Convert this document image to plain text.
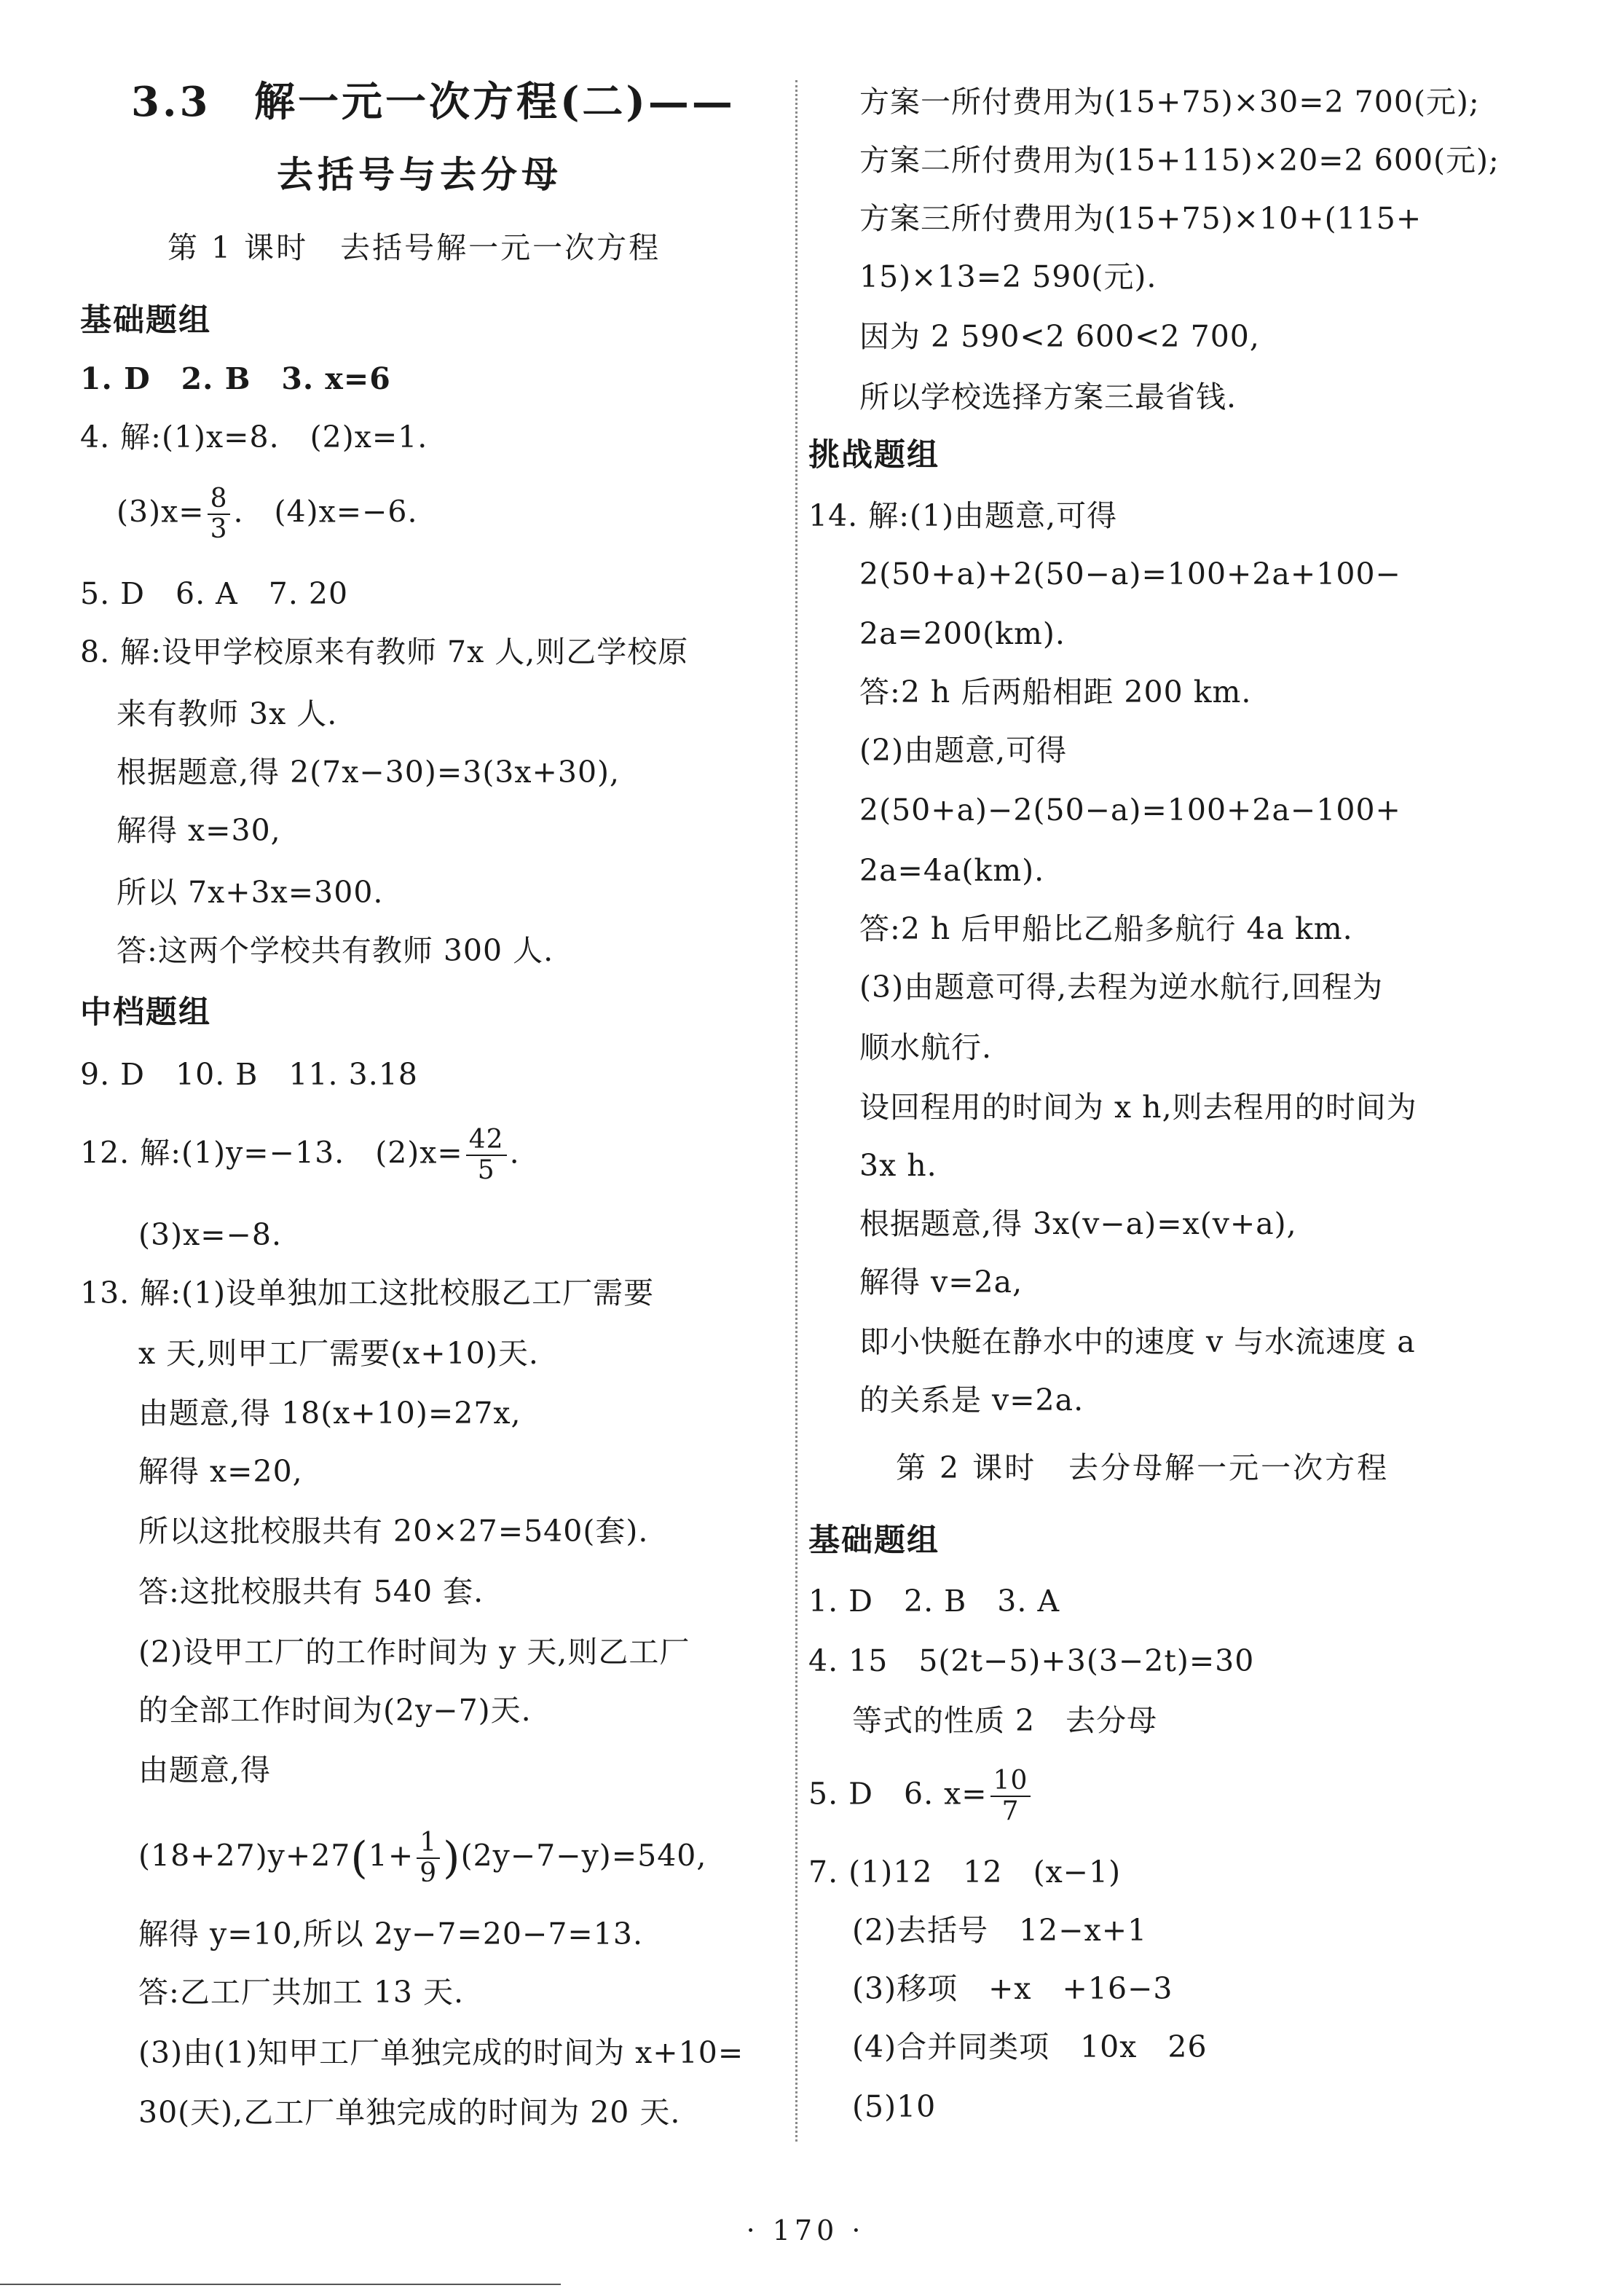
3.3 解一元一次方程(二)——
去括号与去分母
第 1 课时　去括号解一元一次方程
基础题组
1. D　2. B　3. x=6
4. 解:(1)x=8.　(2)x=1.
$(3)x= \frac{8}{3}$ .　(4)x=−6.
5. D　6. A　7. 20
8. 解:设甲学校原来有教师 7x 人,则乙学校原
来有教师 3x 人.
根据题意,得 2(7x−30)=3(3x+30),
解得 x=30,
所以 7x+3x=300.
答:这两个学校共有教师 300 人.
中档题组
9. D　10. B　11. 3.18
12. 解:(1)y=−13.　$(2)x= \frac{42}{5}$ .
(3)x=−8.
13. 解:(1)设单独加工这批校服乙工厂需要
x 天,则甲工厂需要(x+10)天.
由题意,得 18(x+10)=27x,
解得 x=20,
所以这批校服共有 20×27=540(套).
答:这批校服共有 540 套.
(2)设甲工厂的工作时间为 y 天,则乙工厂
的全部工作时间为(2y−7)天.
由题意,得
$(18+27)y+27(1+ \frac{1}{9} )(2y-7-y)=540$,
解得 y=10,所以 2y−7=20−7=13.
答:乙工厂共加工 13 天.
(3)由(1)知甲工厂单独完成的时间为 x+10=
30(天),乙工厂单独完成的时间为 20 天.
方案一所付费用为(15+75)×30=2 700(元);
方案二所付费用为(15+115)×20=2 600(元);
方案三所付费用为(15+75)×10+(115+
15)×13=2 590(元).
因为 2 590<2 600<2 700,
所以学校选择方案三最省钱.
挑战题组
14. 解:(1)由题意,可得
2(50+a)+2(50−a)=100+2a+100−
2a=200(km).
答:2 h 后两船相距 200 km.
(2)由题意,可得
2(50+a)−2(50−a)=100+2a−100+
2a=4a(km).
答:2 h 后甲船比乙船多航行 4a km.
(3)由题意可得,去程为逆水航行,回程为
顺水航行.
设回程用的时间为 x h,则去程用的时间为
3x h.
根据题意,得 3x(v−a)=x(v+a),
解得 v=2a,
即小快艇在静水中的速度 v 与水流速度 a
的关系是 v=2a.
第 2 课时　去分母解一元一次方程
基础题组
1. D　2. B　3. A
4. 15　5(2t−5)+3(3−2t)=30
等式的性质 2　去分母
5. D　6. $x= \frac{10}{7}$
7. (1)12　12　(x−1)
(2)去括号　12−x+1
(3)移项　+x　+16−3
(4)合并同类项　10x　26
(5)10
· 170 ·
